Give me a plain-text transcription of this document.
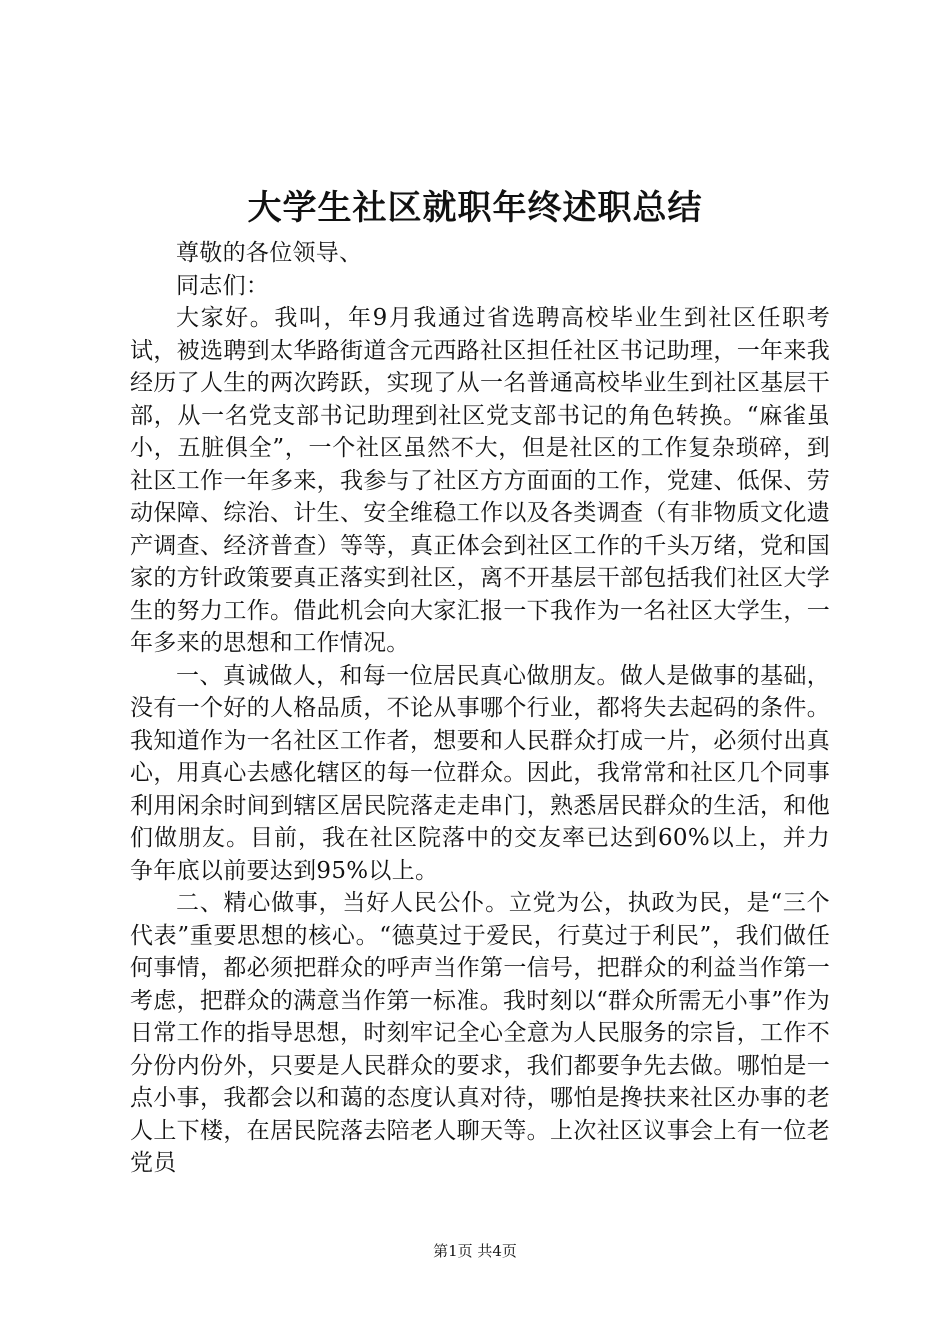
大学生社区就职年终述职总结

尊敬的各位领导、

同志们：

大家好。我叫，年9月我通过省选聘高校毕业生到社区任职考试，被选聘到太华路街道含元西路社区担任社区书记助理，一年来我经历了人生的两次跨跃，实现了从一名普通高校毕业生到社区基层干部，从一名党支部书记助理到社区党支部书记的角色转换。“麻雀虽小，五脏俱全”，一个社区虽然不大，但是社区的工作复杂琐碎，到社区工作一年多来，我参与了社区方方面面的工作，党建、低保、劳动保障、综治、计生、安全维稳工作以及各类调查（有非物质文化遗产调查、经济普查）等等，真正体会到社区工作的千头万绪，党和国家的方针政策要真正落实到社区，离不开基层干部包括我们社区大学生的努力工作。借此机会向大家汇报一下我作为一名社区大学生，一年多来的思想和工作情况。

一、真诚做人，和每一位居民真心做朋友。做人是做事的基础，没有一个好的人格品质，不论从事哪个行业，都将失去起码的条件。我知道作为一名社区工作者，想要和人民群众打成一片，必须付出真心，用真心去感化辖区的每一位群众。因此，我常常和社区几个同事利用闲余时间到辖区居民院落走走串门，熟悉居民群众的生活，和他们做朋友。目前，我在社区院落中的交友率已达到60%以上，并力争年底以前要达到95%以上。

二、精心做事，当好人民公仆。立党为公，执政为民，是“三个代表”重要思想的核心。“德莫过于爱民，行莫过于利民”，我们做任何事情，都必须把群众的呼声当作第一信号，把群众的利益当作第一考虑，把群众的满意当作第一标准。我时刻以“群众所需无小事”作为日常工作的指导思想，时刻牢记全心全意为人民服务的宗旨，工作不分份内份外，只要是人民群众的要求，我们都要争先去做。哪怕是一点小事，我都会以和蔼的态度认真对待，哪怕是搀扶来社区办事的老人上下楼，在居民院落去陪老人聊天等。上次社区议事会上有一位老党员

第1页 共4页
